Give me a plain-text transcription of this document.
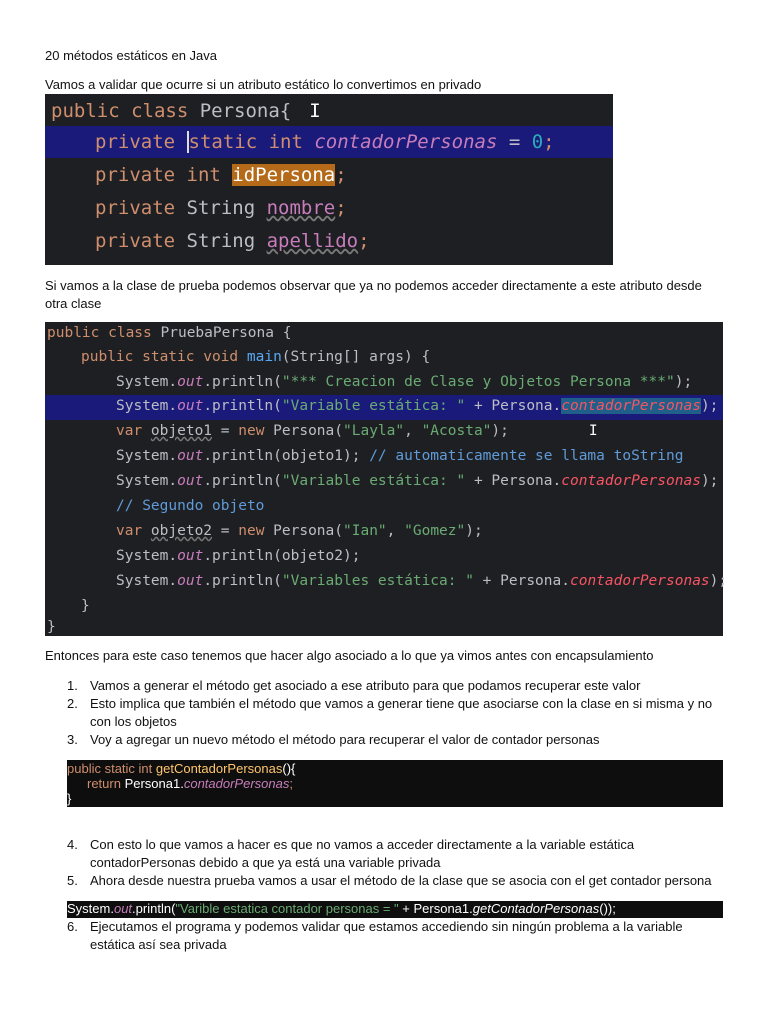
20 métodos estáticos en Java
Vamos a validar que ocurre si un atributo estático lo convertimos en privado
public class Persona{ I
private static int contadorPersonas = 0;
private int idPersona;
private String nombre;
private String apellido;
Si vamos a la clase de prueba podemos observar que ya no podemos acceder directamente a este atributo desde otra clase
public class PruebaPersona {
public static void main(String[] args) {
System.out.println("*** Creacion de Clase y Objetos Persona ***");
System.out.println("Variable estática: " + Persona.contadorPersonas);
var objeto1 = new Persona("Layla", "Acosta");	I
System.out.println(objeto1); // automaticamente se llama toString
System.out.println("Variable estática: " + Persona.contadorPersonas);
// Segundo objeto
var objeto2 = new Persona("Ian", "Gomez");
System.out.println(objeto2);
System.out.println("Variables estática: " + Persona.contadorPersonas);
}
}
Entonces para este caso tenemos que hacer algo asociado a lo que ya vimos antes con encapsulamiento
1. Vamos a generar el método get asociado a ese atributo para que podamos recuperar este valor
2. Esto implica que también el método que vamos a generar tiene que asociarse con la clase en si misma y no con los objetos
3. Voy a agregar un nuevo método el método para recuperar el valor de contador personas
public static int getContadorPersonas(){
return Persona1.contadorPersonas;
}
4. Con esto lo que vamos a hacer es que no vamos a acceder directamente a la variable estática contadorPersonas debido a que ya está una variable privada
5. Ahora desde nuestra prueba vamos a usar el método de la clase que se asocia con el get contador persona
System.out.println("Varible estatica contador personas = " + Persona1.getContadorPersonas());
6. Ejecutamos el programa y podemos validar que estamos accediendo sin ningún problema a la variable estática así sea privada
